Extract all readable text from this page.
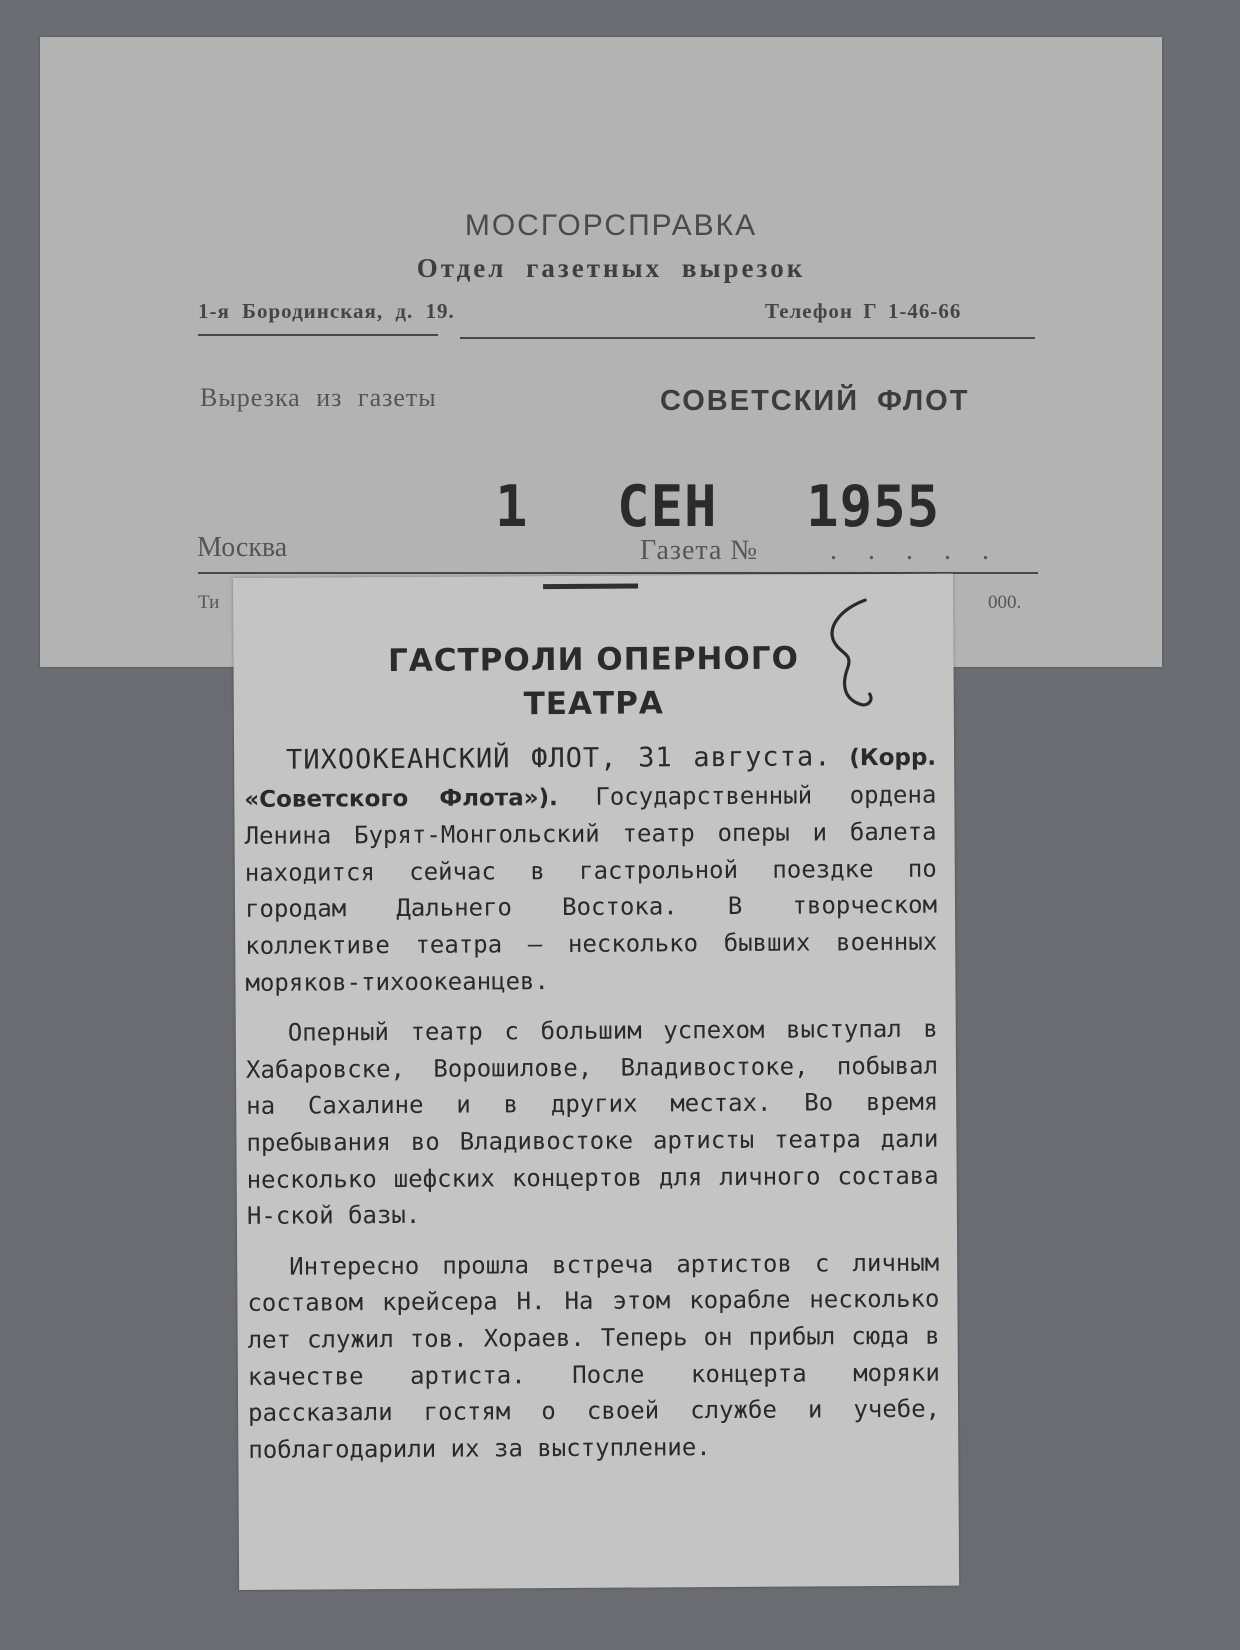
МОСГОРСПРАВКА
Отдел газетных вырезок
1-я Бородинская, д. 19.	Телефон Г 1-46-66
Вырезка из газеты	СОВЕТСКИЙ ФЛОТ
1 СЕН 1955
Москва	Газета №	. . . . .
Ти	000.
ГАСТРОЛИ ОПЕРНОГО
ТЕАТРА

ТИХООКЕАНСКИЙ ФЛОТ, 31 августа. (Корр. «Советского Флота»). Государственный ордена Ленина Бурят-Монгольский театр оперы и балета находится сейчас в гастрольной поездке по городам Дальнего Востока. В творческом коллективе театра — несколько бывших военных моряков-тихоокеанцев.

Оперный театр с большим успехом выступал в Хабаровске, Ворошилове, Владивостоке, побывал на Сахалине и в других местах. Во время пребывания во Владивостоке артисты театра дали несколько шефских концертов для личного состава Н-ской базы.

Интересно прошла встреча артистов с личным составом крейсера Н. На этом корабле несколько лет служил тов. Хораев. Теперь он прибыл сюда в качестве артиста. После концерта моряки рассказали гостям о своей службе и учебе, поблагодарили их за выступление.
